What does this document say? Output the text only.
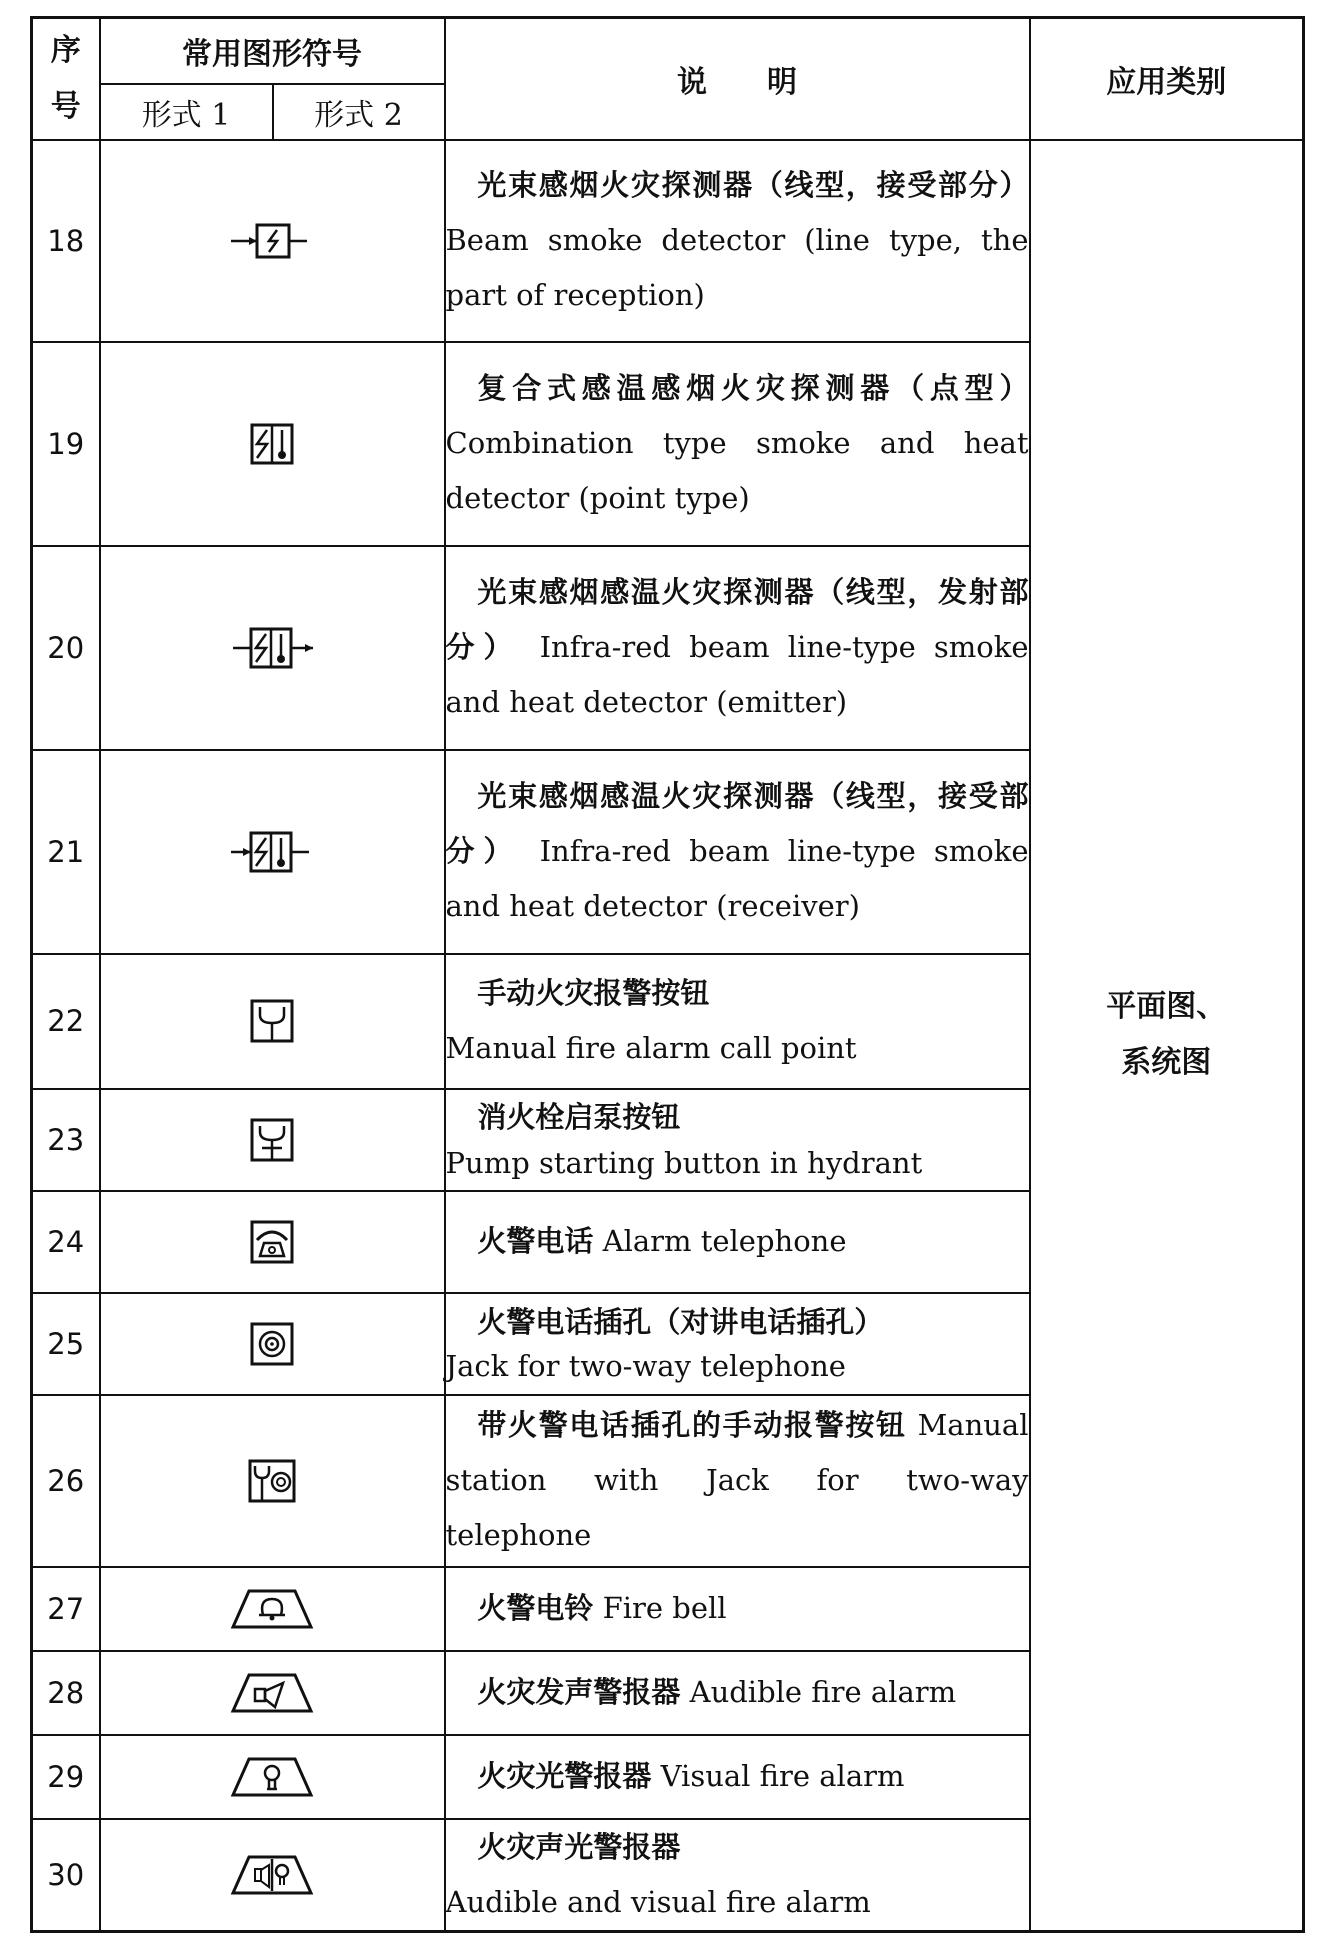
序
号	常用图形符号		说　　明	应用类别
	形式 1	形式 2		
18			光束感烟火灾探测器（线型，接受部分） Beam smoke detector (line type, the part of reception)	平面图、
系统图

19			复合式感温感烟火灾探测器（点型） Combination type smoke and heat detector (point type)	
20			光束感烟感温火灾探测器（线型，发射部分） Infra-red beam line-type smoke and heat detector (emitter)	
21			光束感烟感温火灾探测器（线型，接受部分） Infra-red beam line-type smoke and heat detector (receiver)	
22			手动火灾报警按钮
Manual fire alarm call point	

23			消火栓启泵按钮
Pump starting button in hydrant	

24			火警电话 Alarm telephone	
25			火警电话插孔（对讲电话插孔）
Jack for two-way telephone	

26			带火警电话插孔的手动报警按钮 Manual station with Jack for two-way telephone	
27			火警电铃 Fire bell	
28			火灾发声警报器 Audible fire alarm	
29			火灾光警报器 Visual fire alarm	
30			火灾声光警报器
Audible and visual fire alarm	
